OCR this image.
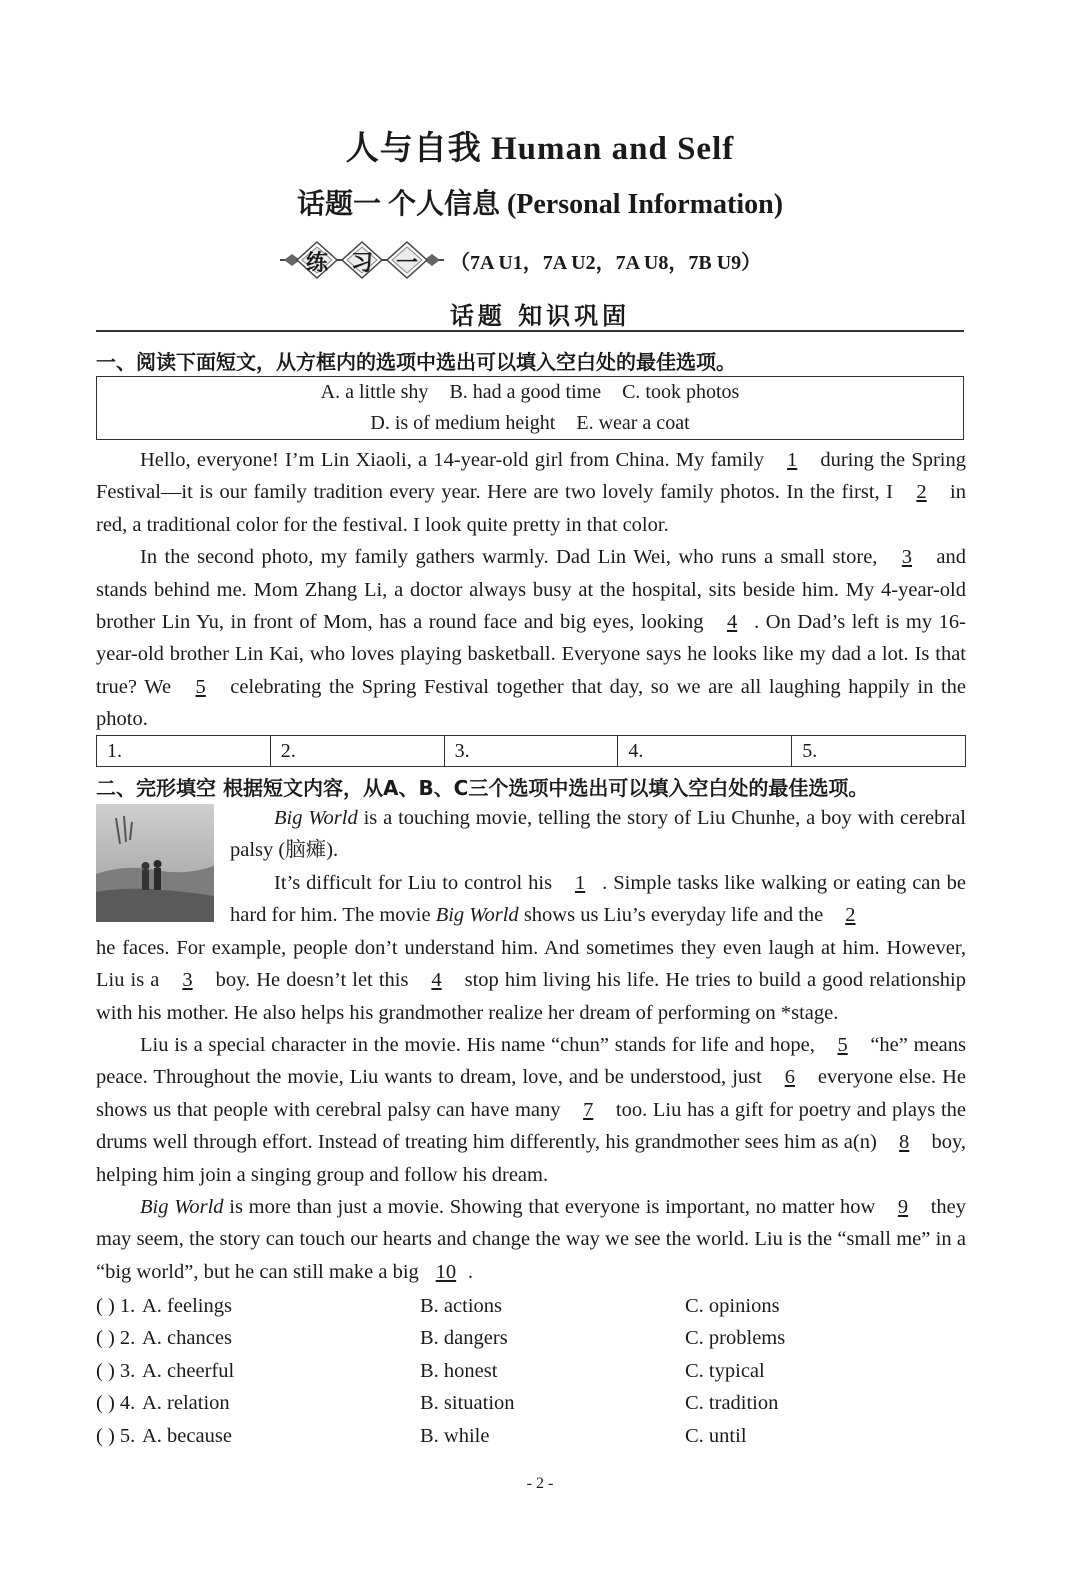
人与自我 Human and Self
话题一 个人信息 (Personal Information)
练 习 一 （7A U1，7A U2，7A U8，7B U9）
话题 知识巩固
一、阅读下面短文，从方框内的选项中选出可以填入空白处的最佳选项。
A. a little shy B. had a good time C. took photos
D. is of medium height E. wear a coat

Hello, everyone! I’m Lin Xiaoli, a 14-year-old girl from China. My family 1 during the Spring Festival—it is our family tradition every year. Here are two lovely family photos. In the first, I 2 in red, a traditional color for the festival. I look quite pretty in that color.

In the second photo, my family gathers warmly. Dad Lin Wei, who runs a small store, 3 and stands behind me. Mom Zhang Li, a doctor always busy at the hospital, sits beside him. My 4-year-old brother Lin Yu, in front of Mom, has a round face and big eyes, looking 4 . On Dad’s left is my 16-year-old brother Lin Kai, who loves playing basketball. Everyone says he looks like my dad a lot. Is that true? We 5 celebrating the Spring Festival together that day, so we are all laughing happily in the photo.

1.	2.	3.	4.	5.
二、完形填空 根据短文内容，从A、B、C三个选项中选出可以填入空白处的最佳选项。

Big World is a touching movie, telling the story of Liu Chunhe, a boy with cerebral palsy (脑瘫).

It’s difficult for Liu to control his 1 . Simple tasks like walking or eating can be hard for him. The movie Big World shows us Liu’s everyday life and the 2

he faces. For example, people don’t understand him. And sometimes they even laugh at him. However, Liu is a 3 boy. He doesn’t let this 4 stop him living his life. He tries to build a good relationship with his mother. He also helps his grandmother realize her dream of performing on *stage.

Liu is a special character in the movie. His name “chun” stands for life and hope, 5 “he” means peace. Throughout the movie, Liu wants to dream, love, and be understood, just 6 everyone else. He shows us that people with cerebral palsy can have many 7 too. Liu has a gift for poetry and plays the drums well through effort. Instead of treating him differently, his grandmother sees him as a(n) 8 boy, helping him join a singing group and follow his dream.

Big World is more than just a movie. Showing that everyone is important, no matter how 9 they may seem, the story can touch our hearts and change the way we see the world. Liu is the “small me” in a “big world”, but he can still make a big 10 .

( ) 1. A. feelings	B. actions	C. opinions
( ) 2. A. chances	B. dangers	C. problems
( ) 3. A. cheerful	B. honest	C. typical
( ) 4. A. relation	B. situation	C. tradition
( ) 5. A. because	B. while	C. until
- 2 -
